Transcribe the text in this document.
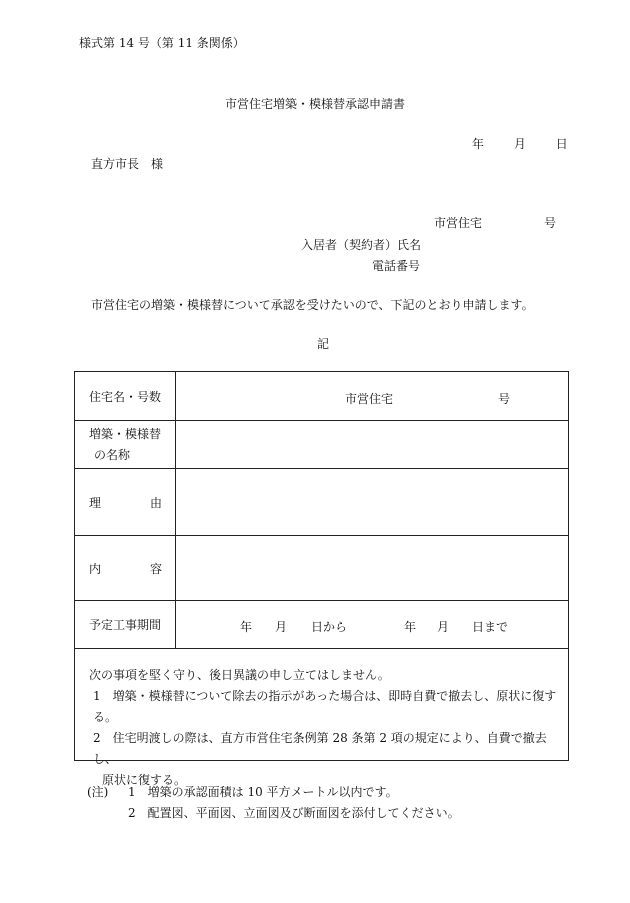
様式第 14 号（第 11 条関係）
市営住宅増築・模様替承認申請書
年 月 日
直方市長　様
市営住宅	号
入居者（契約者）氏名
電話番号
市営住宅の増築・模様替について承認を受けたいので、下記のとおり申請します。
記
住宅名・号数	市営住宅	号
増築・模様替
の名称
理	由
内	容
予定工事期間	年 月 日から	年 月 日まで
次の事項を堅く守り、後日異議の申し立てはしません。
1　増築・模様替について除去の指示があった場合は、即時自費で撤去し、原状に復する。
2　住宅明渡しの際は、直方市営住宅条例第 28 条第 2 項の規定により、自費で撤去し、
原状に復する。
(注) 1　増築の承認面積は 10 平方メートル以内です。
2　配置図、平面図、立面図及び断面図を添付してください。
